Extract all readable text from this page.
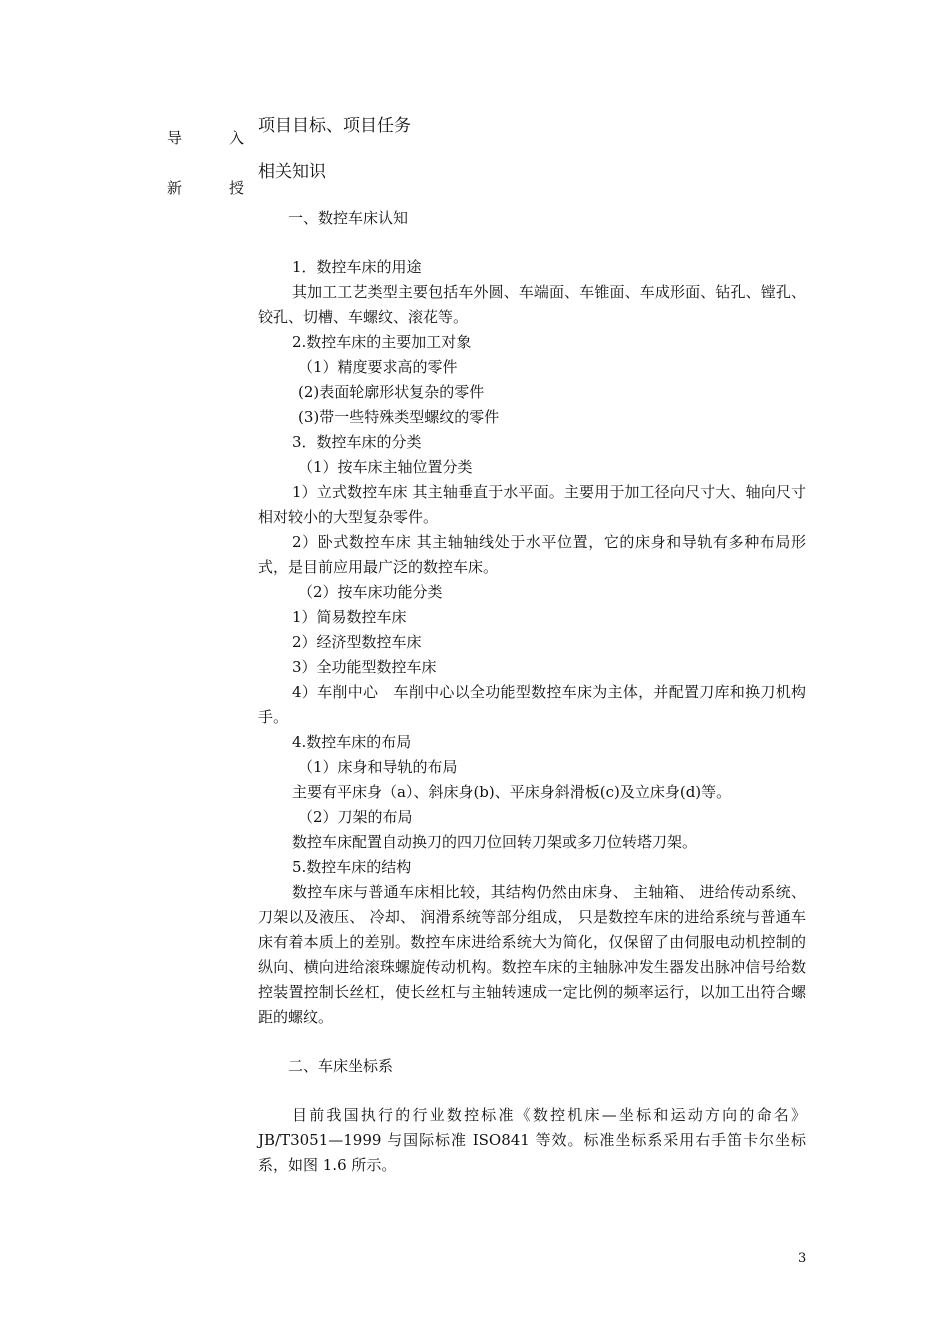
导　入
新　授
项目目标、项目任务
相关知识

一、数控车床认知

1．数控车床的用途

其加工工艺类型主要包括车外圆、车端面、车锥面、车成形面、钻孔、镗孔、铰孔、切槽、车螺纹、滚花等。

2.数控车床的主要加工对象

（1）精度要求高的零件

(2)表面轮廓形状复杂的零件

(3)带一些特殊类型螺纹的零件

3．数控车床的分类

（1）按车床主轴位置分类

1）立式数控车床 其主轴垂直于水平面。主要用于加工径向尺寸大、轴向尺寸相对较小的大型复杂零件。

2）卧式数控车床 其主轴轴线处于水平位置，它的床身和导轨有多种布局形式，是目前应用最广泛的数控车床。

（2）按车床功能分类

1）简易数控车床

2）经济型数控车床

3）全功能型数控车床

4）车削中心　车削中心以全功能型数控车床为主体，并配置刀库和换刀机构手。

4.数控车床的布局

（1）床身和导轨的布局

主要有平床身（a）、斜床身(b)、平床身斜滑板(c)及立床身(d)等。

（2）刀架的布局

数控车床配置自动换刀的四刀位回转刀架或多刀位转塔刀架。

5.数控车床的结构

数控车床与普通车床相比较，其结构仍然由床身、 主轴箱、 进给传动系统、 刀架以及液压、 冷却、 润滑系统等部分组成， 只是数控车床的进给系统与普通车床有着本质上的差别。数控车床进给系统大为简化，仅保留了由伺服电动机控制的纵向、横向进给滚珠螺旋传动机构。数控车床的主轴脉冲发生器发出脉冲信号给数控装置控制长丝杠，使长丝杠与主轴转速成一定比例的频率运行，以加工出符合螺距的螺纹。

二、车床坐标系

目前我国执行的行业数控标准《数控机床—坐标和运动方向的命名》JB/T3051—1999 与国际标准 ISO841 等效。标准坐标系采用右手笛卡尔坐标系，如图 1.6 所示。

3
